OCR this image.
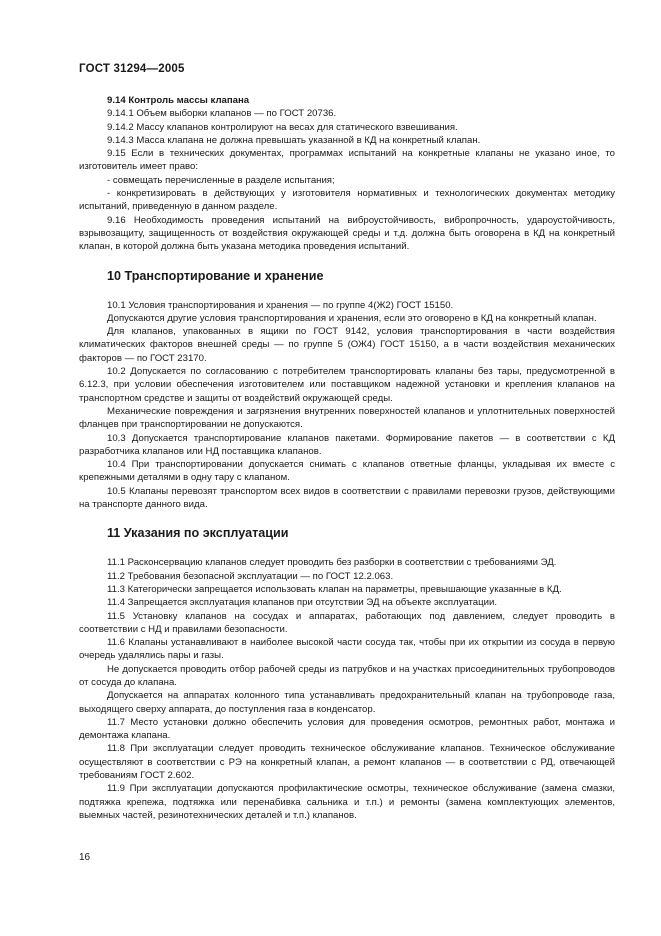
ГОСТ 31294—2005

9.14 Контроль массы клапана

9.14.1 Объем выборки клапанов — по ГОСТ 20736.

9.14.2 Массу клапанов контролируют на весах для статического взвешивания.

9.14.3 Масса клапана не должна превышать указанной в КД на конкретный клапан.

9.15 Если в технических документах, программах испытаний на конкретные клапаны не указано иное, то изготовитель имеет право:

- совмещать перечисленные в разделе испытания;

- конкретизировать в действующих у изготовителя нормативных и технологических документах методику испытаний, приведенную в данном разделе.

9.16 Необходимость проведения испытаний на виброустойчивость, вибропрочность, удароустойчивость, взрывозащиту, защищенность от воздействия окружающей среды и т.д. должна быть оговорена в КД на конкретный клапан, в которой должна быть указана методика проведения испытаний.

10 Транспортирование и хранение

10.1 Условия транспортирования и хранения — по группе 4(Ж2) ГОСТ 15150.

Допускаются другие условия транспортирования и хранения, если это оговорено в КД на конкретный клапан.

Для клапанов, упакованных в ящики по ГОСТ 9142, условия транспортирования в части воздействия климатических факторов внешней среды — по группе 5 (ОЖ4) ГОСТ 15150, а в части воздействия механических факторов — по ГОСТ 23170.

10.2 Допускается по согласованию с потребителем транспортировать клапаны без тары, предусмотренной в 6.12.3, при условии обеспечения изготовителем или поставщиком надежной установки и крепления клапанов на транспортном средстве и защиты от воздействий окружающей среды.

Механические повреждения и загрязнения внутренних поверхностей клапанов и уплотнительных поверхностей фланцев при транспортировании не допускаются.

10.3 Допускается транспортирование клапанов пакетами. Формирование пакетов — в соответствии с КД разработчика клапанов или НД поставщика клапанов.

10.4 При транспортировании допускается снимать с клапанов ответные фланцы, укладывая их вместе с крепежными деталями в одну тару с клапаном.

10.5 Клапаны перевозят транспортом всех видов в соответствии с правилами перевозки грузов, действующими на транспорте данного вида.

11 Указания по эксплуатации

11.1 Расконсервацию клапанов следует проводить без разборки в соответствии с требованиями ЭД.

11.2 Требования безопасной эксплуатации — по ГОСТ 12.2.063.

11.3 Категорически запрещается использовать клапан на параметры, превышающие указанные в КД.

11.4 Запрещается эксплуатация клапанов при отсутствии ЭД на объекте эксплуатации.

11.5 Установку клапанов на сосудах и аппаратах, работающих под давлением, следует проводить в соответствии с НД и правилами безопасности.

11.6 Клапаны устанавливают в наиболее высокой части сосуда так, чтобы при их открытии из сосуда в первую очередь удалялись пары и газы.

Не допускается проводить отбор рабочей среды из патрубков и на участках присоединительных трубопроводов от сосуда до клапана.

Допускается на аппаратах колонного типа устанавливать предохранительный клапан на трубопроводе газа, выходящего сверху аппарата, до поступления газа в конденсатор.

11.7 Место установки должно обеспечить условия для проведения осмотров, ремонтных работ, монтажа и демонтажа клапана.

11.8 При эксплуатации следует проводить техническое обслуживание клапанов. Техническое обслуживание осуществляют в соответствии с РЭ на конкретный клапан, а ремонт клапанов — в соответствии с РД, отвечающей требованиям ГОСТ 2.602.

11.9 При эксплуатации допускаются профилактические осмотры, техническое обслуживание (замена смазки, подтяжка крепежа, подтяжка или перенабивка сальника и т.п.) и ремонты (замена комплектующих элементов, выемных частей, резинотехнических деталей и т.п.) клапанов.

16
